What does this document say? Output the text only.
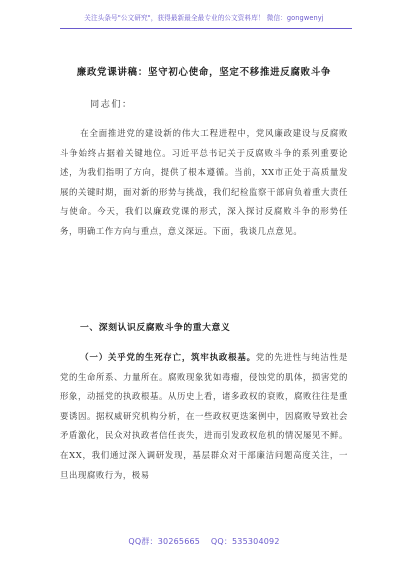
关注头条号"公文研究"，获得最新最全最专业的公文资料库！ 微信：gongwenyj
廉政党课讲稿：坚守初心使命，坚定不移推进反腐败斗争
同志们：
在全面推进党的建设新的伟大工程进程中，党风廉政建设与反腐败斗争始终占据着关键地位。习近平总书记关于反腐败斗争的系列重要论述，为我们指明了方向，提供了根本遵循。当前，XX市正处于高质量发展的关键时期，面对新的形势与挑战，我们纪检监察干部肩负着重大责任与使命。今天，我们以廉政党课的形式，深入探讨反腐败斗争的形势任务，明确工作方向与重点，意义深远。下面，我谈几点意见。
一、深刻认识反腐败斗争的重大意义
（一）关乎党的生死存亡，筑牢执政根基。党的先进性与纯洁性是党的生命所系、力量所在。腐败现象犹如毒瘤，侵蚀党的肌体，损害党的形象，动摇党的执政根基。从历史上看，诸多政权的衰败，腐败往往是重要诱因。据权威研究机构分析，在一些政权更迭案例中，因腐败导致社会矛盾激化，民众对执政者信任丧失，进而引发政权危机的情况屡见不鲜。在XX，我们通过深入调研发现，基层群众对干部廉洁问题高度关注，一旦出现腐败行为，极易
QQ群：30265665 QQ：535304092
